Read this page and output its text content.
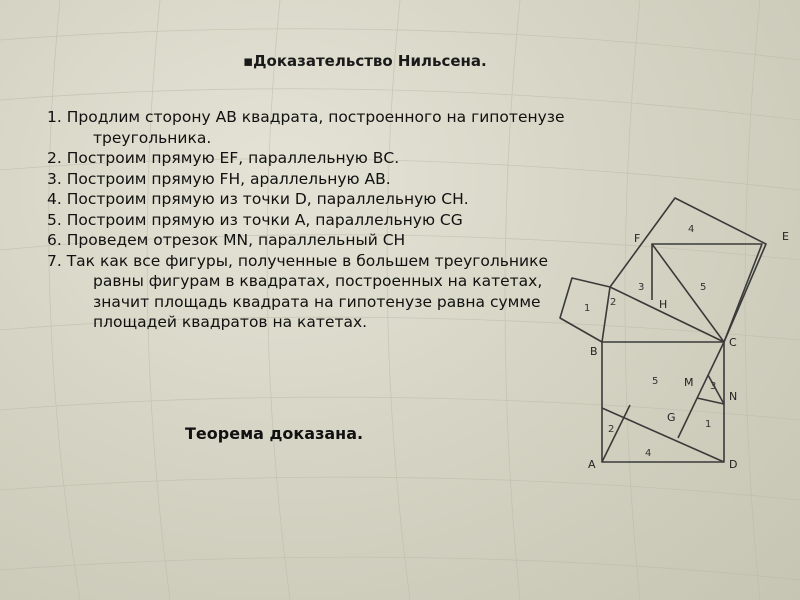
▪Доказательство Нильсена.

1. Продлим сторону АВ квадрата, построенного на гипотенузе треугольника.

2. Построим прямую EF, параллельную ВС.

3. Построим прямую FH, араллельную АВ.

4. Построим прямую из точки D, параллельную СН.

5. Построим прямую из точки А, параллельную CG

6. Проведем отрезок MN, параллельный СН

7. Так как все фигуры, полученные в большем треугольнике равны фигурам в квадратах, построенных на катетах, значит площадь квадрата на гипотенузе равна сумме площадей квадратов на катетах.

Теорема доказана.
F	E
H
B
C
M
N
G
A	D
4
3	5
1
2
5	3
1
2
4
